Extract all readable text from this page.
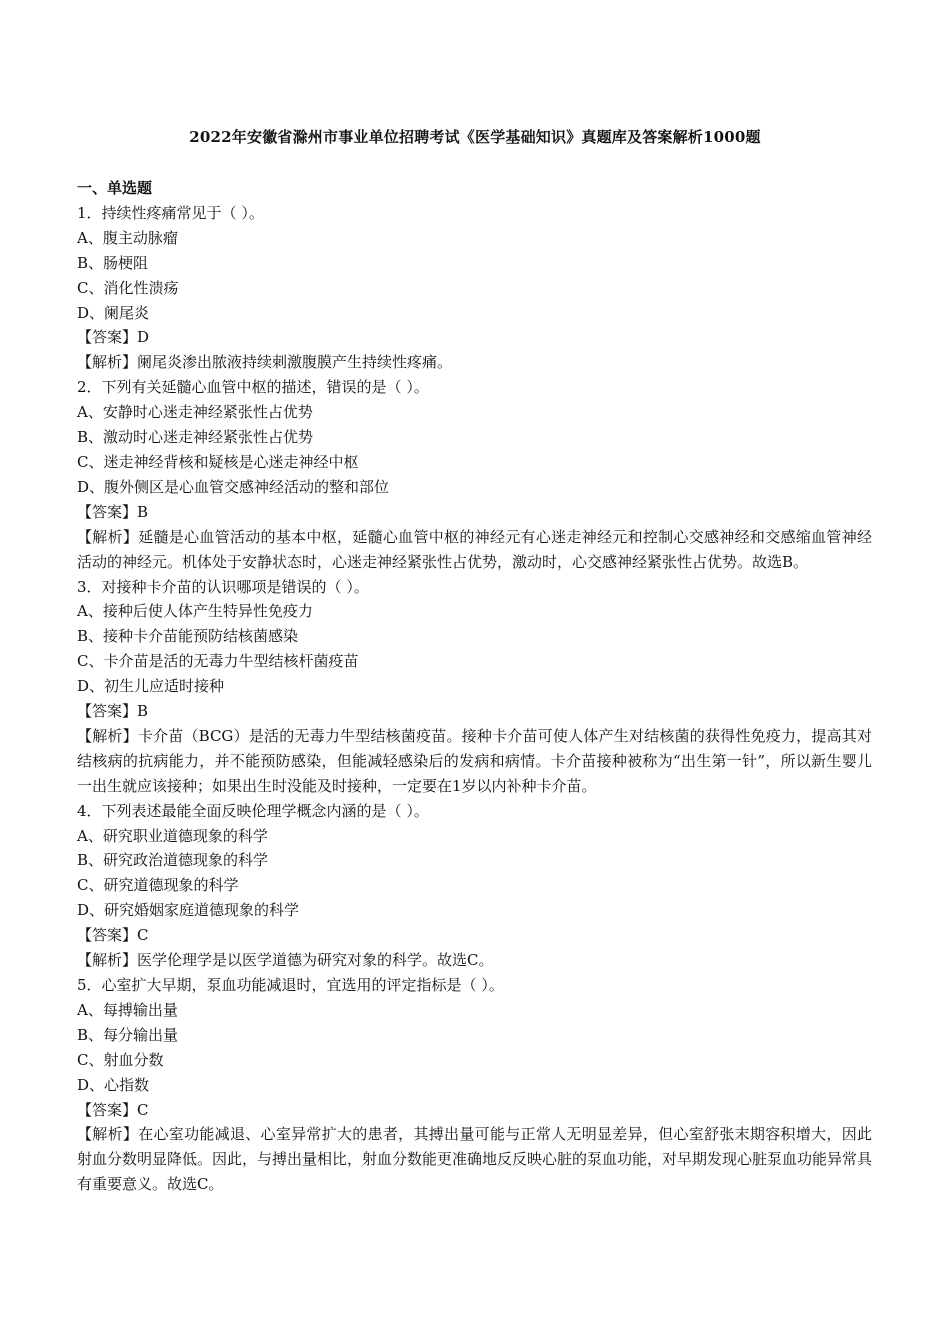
2022年安徽省滁州市事业单位招聘考试《医学基础知识》真题库及答案解析1000题
一、单选题
1．持续性疼痛常见于（ ）。
A、腹主动脉瘤
B、肠梗阻
C、消化性溃疡
D、阑尾炎
【答案】D
【解析】阑尾炎渗出脓液持续刺激腹膜产生持续性疼痛。
2．下列有关延髓心血管中枢的描述，错误的是（ ）。
A、安静时心迷走神经紧张性占优势
B、激动时心迷走神经紧张性占优势
C、迷走神经背核和疑核是心迷走神经中枢
D、腹外侧区是心血管交感神经活动的整和部位
【答案】B
【解析】延髓是心血管活动的基本中枢，延髓心血管中枢的神经元有心迷走神经元和控制心交感神经和交感缩血管神经活动的神经元。机体处于安静状态时，心迷走神经紧张性占优势，激动时，心交感神经紧张性占优势。故选B。
3．对接种卡介苗的认识哪项是错误的（ ）。
A、接种后使人体产生特异性免疫力
B、接种卡介苗能预防结核菌感染
C、卡介苗是活的无毒力牛型结核杆菌疫苗
D、初生儿应适时接种
【答案】B
【解析】卡介苗（BCG）是活的无毒力牛型结核菌疫苗。接种卡介苗可使人体产生对结核菌的获得性免疫力，提高其对结核病的抗病能力，并不能预防感染，但能减轻感染后的发病和病情。卡介苗接种被称为“出生第一针”，所以新生婴儿一出生就应该接种；如果出生时没能及时接种，一定要在1岁以内补种卡介苗。
4．下列表述最能全面反映伦理学概念内涵的是（ ）。
A、研究职业道德现象的科学
B、研究政治道德现象的科学
C、研究道德现象的科学
D、研究婚姻家庭道德现象的科学
【答案】C
【解析】医学伦理学是以医学道德为研究对象的科学。故选C。
5．心室扩大早期，泵血功能减退时，宜选用的评定指标是（ ）。
A、每搏输出量
B、每分输出量
C、射血分数
D、心指数
【答案】C
【解析】在心室功能减退、心室异常扩大的患者，其搏出量可能与正常人无明显差异，但心室舒张末期容积增大，因此射血分数明显降低。因此，与搏出量相比，射血分数能更准确地反反映心脏的泵血功能，对早期发现心脏泵血功能异常具有重要意义。故选C。
